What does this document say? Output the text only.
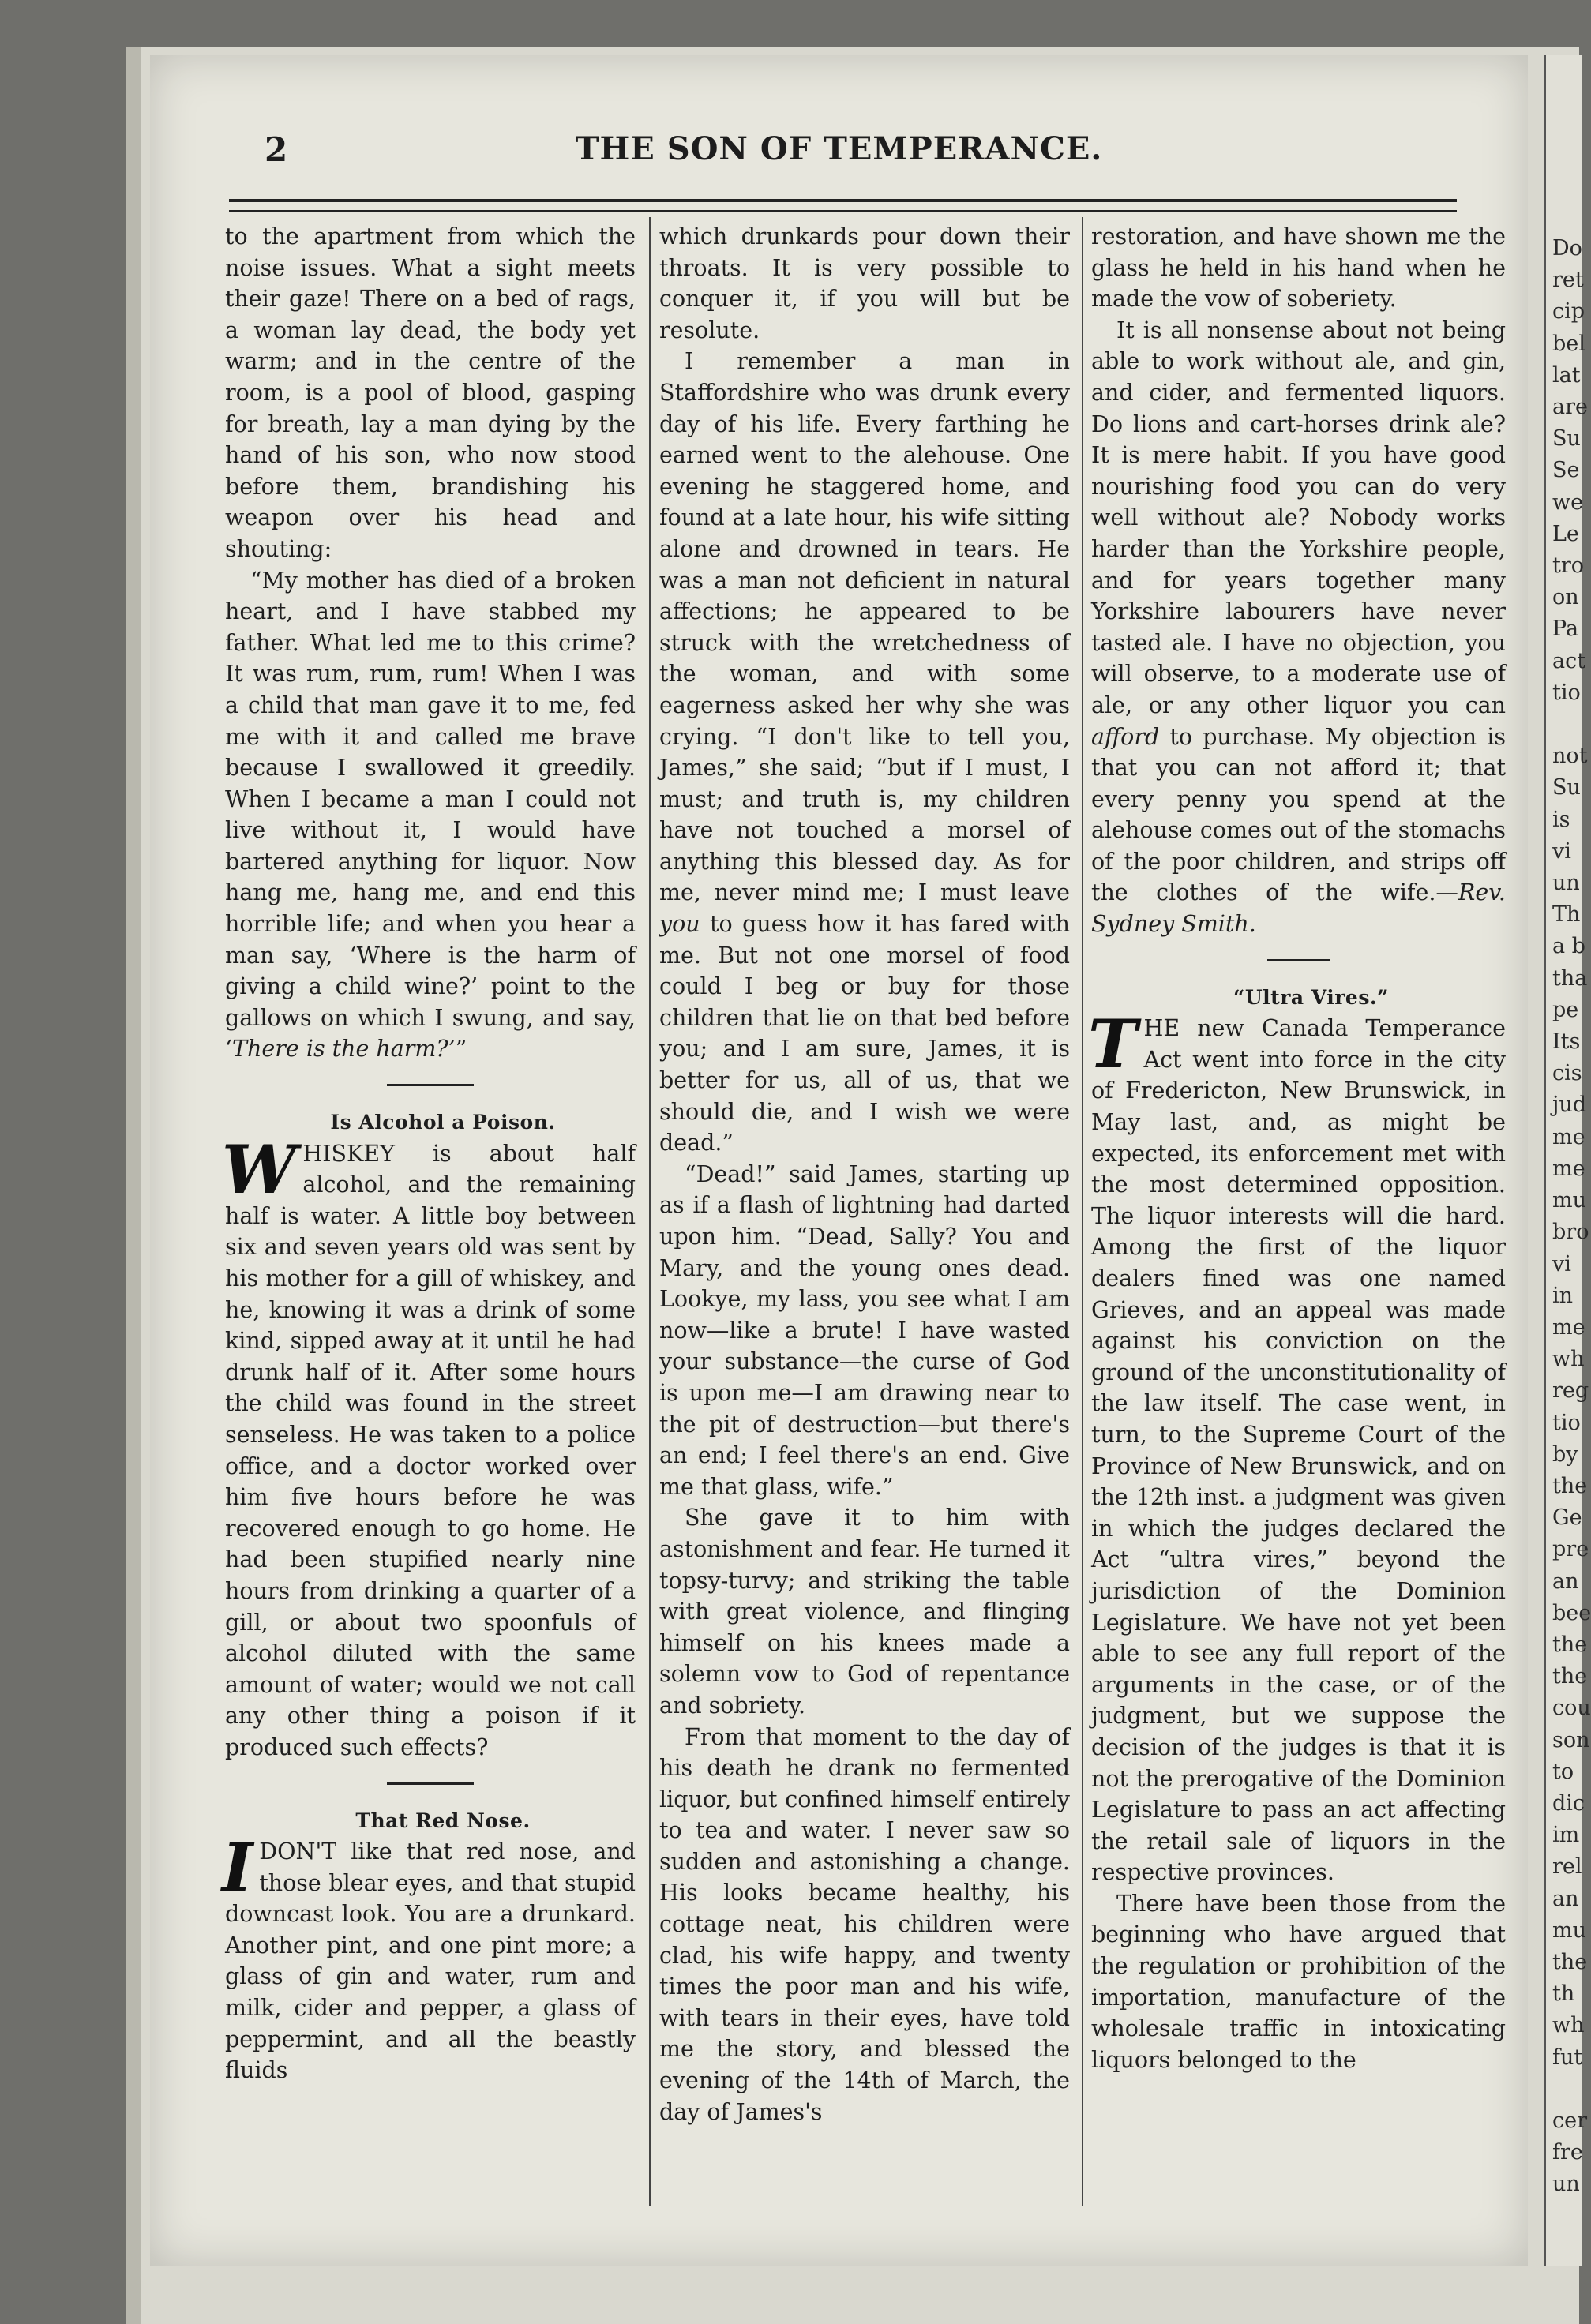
2	THE SON OF TEMPERANCE.

to the apartment from which the noise issues. What a sight meets their gaze! There on a bed of rags, a woman lay dead, the body yet warm; and in the centre of the room, is a pool of blood, gasping for breath, lay a man dying by the hand of his son, who now stood before them, brandishing his weapon over his head and shouting:

“My mother has died of a broken heart, and I have stabbed my father. What led me to this crime? It was rum, rum, rum! When I was a child that man gave it to me, fed me with it and called me brave because I swallowed it greedily. When I became a man I could not live without it, I would have bartered anything for liquor. Now hang me, hang me, and end this horrible life; and when you hear a man say, ‘Where is the harm of giving a child wine?’ point to the gallows on which I swung, and say, ‘There is the harm?’”

Is Alcohol a Poison.

WHISKEY is about half alcohol, and the remaining half is water. A little boy between six and seven years old was sent by his mother for a gill of whiskey, and he, knowing it was a drink of some kind, sipped away at it until he had drunk half of it. After some hours the child was found in the street senseless. He was taken to a police office, and a doctor worked over him five hours before he was recovered enough to go home. He had been stupified nearly nine hours from drinking a quarter of a gill, or about two spoonfuls of alcohol diluted with the same amount of water; would we not call any other thing a poison if it produced such effects?

That Red Nose.

I DON'T like that red nose, and those blear eyes, and that stupid downcast look. You are a drunkard. Another pint, and one pint more; a glass of gin and water, rum and milk, cider and pepper, a glass of peppermint, and all the beastly fluids

which drunkards pour down their throats. It is very possible to conquer it, if you will but be resolute.

I remember a man in Staffordshire who was drunk every day of his life. Every farthing he earned went to the alehouse. One evening he staggered home, and found at a late hour, his wife sitting alone and drowned in tears. He was a man not deficient in natural affections; he appeared to be struck with the wretchedness of the woman, and with some eagerness asked her why she was crying. “I don't like to tell you, James,” she said; “but if I must, I must; and truth is, my children have not touched a morsel of anything this blessed day. As for me, never mind me; I must leave you to guess how it has fared with me. But not one morsel of food could I beg or buy for those children that lie on that bed before you; and I am sure, James, it is better for us, all of us, that we should die, and I wish we were dead.”

“Dead!” said James, starting up as if a flash of lightning had darted upon him. “Dead, Sally? You and Mary, and the young ones dead. Lookye, my lass, you see what I am now—like a brute! I have wasted your substance—the curse of God is upon me—I am drawing near to the pit of destruction—but there's an end; I feel there's an end. Give me that glass, wife.”

She gave it to him with astonishment and fear. He turned it topsy-turvy; and striking the table with great violence, and flinging himself on his knees made a solemn vow to God of repentance and sobriety.

From that moment to the day of his death he drank no fermented liquor, but confined himself entirely to tea and water. I never saw so sudden and astonishing a change. His looks became healthy, his cottage neat, his children were clad, his wife happy, and twenty times the poor man and his wife, with tears in their eyes, have told me the story, and blessed the evening of the 14th of March, the day of James's

restoration, and have shown me the glass he held in his hand when he made the vow of soberiety.

It is all nonsense about not being able to work without ale, and gin, and cider, and fermented liquors. Do lions and cart-horses drink ale? It is mere habit. If you have good nourishing food you can do very well without ale? Nobody works harder than the Yorkshire people, and for years together many Yorkshire labourers have never tasted ale. I have no objection, you will observe, to a moderate use of ale, or any other liquor you can afford to purchase. My objection is that you can not afford it; that every penny you spend at the alehouse comes out of the stomachs of the poor children, and strips off the clothes of the wife.—Rev. Sydney Smith.

“Ultra Vires.”

THE new Canada Temperance Act went into force in the city of Fredericton, New Brunswick, in May last, and, as might be expected, its enforcement met with the most determined opposition. The liquor interests will die hard. Among the first of the liquor dealers fined was one named Grieves, and an appeal was made against his conviction on the ground of the unconstitutionality of the law itself. The case went, in turn, to the Supreme Court of the Province of New Brunswick, and on the 12th inst. a judgment was given in which the judges declared the Act “ultra vires,” beyond the jurisdiction of the Dominion Legislature. We have not yet been able to see any full report of the arguments in the case, or of the judgment, but we suppose the decision of the judges is that it is not the prerogative of the Dominion Legislature to pass an act affecting the retail sale of liquors in the respective provinces.

There have been those from the beginning who have argued that the regulation or prohibition of the importation, manufacture of the wholesale traffic in intoxicating liquors belonged to the

Do
ret
cip
bel
lat
are
Su
Se
we
Le
tro
on
Pa
act
tio

not
Su
is
vi
un
Th
a b
tha
pe
Its
cis
jud
me
me
mu
bro
vi
in
me
wh
reg
tio
by
the
Ge
pre
an
bee
the
the
cou
son
to
dic
im
rel
an
mu
the
th
wh
fut

cer
fre
un
